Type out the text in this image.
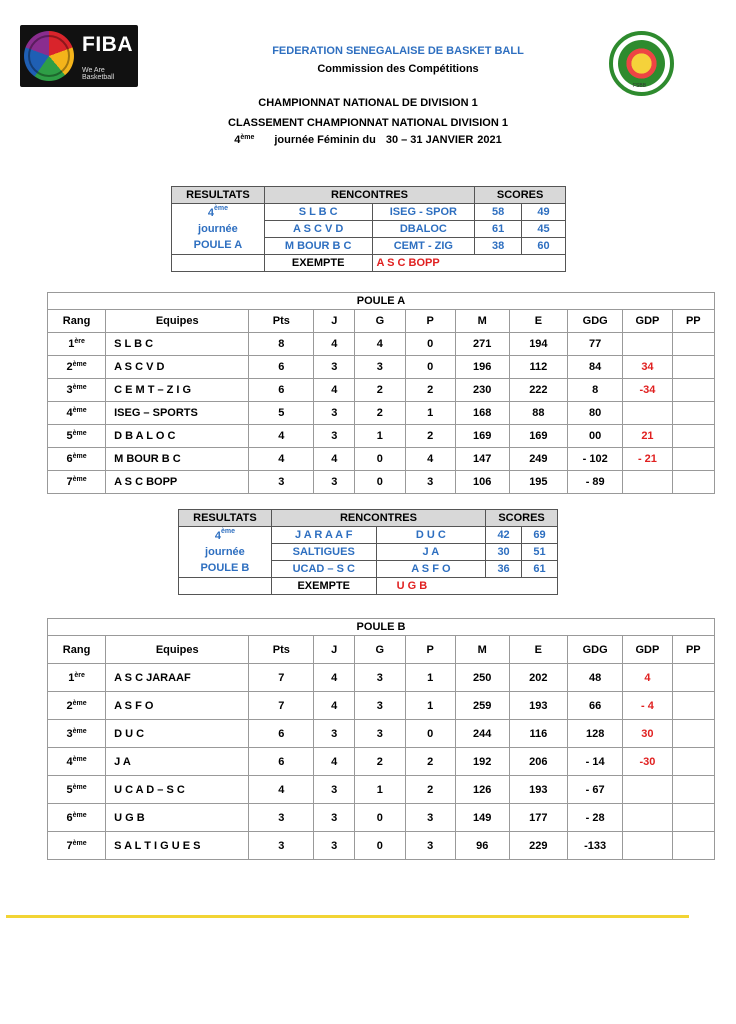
FIBA
We Are Basketball
FSBB
FEDERATION SENEGALAISE DE BASKET BALL
Commission des Compétitions
CHAMPIONNAT NATIONAL DE DIVISION 1
CLASSEMENT CHAMPIONNAT NATIONAL DIVISION 1
4ème journée Féminin du 30 – 31 JANVIER 2021
RESULTATS	RENCONTRES		SCORES	
4ème
journée
POULE A	S L B C	ISEG - SPOR	58	49
	A S C V D	DBALOC	61	45
	M BOUR B C	CEMT - ZIG	38	60
	EXEMPTE	A S C BOPP		
POULE A										
Rang	Equipes	Pts	J	G	P	M	E	GDG	GDP	PP
1ère	S L B C	8	4	4	0	271	194	77		
2ème	A S C V D	6	3	3	0	196	112	84	34	
3ème	C E M T – Z I G	6	4	2	2	230	222	8	-34	
4ème	ISEG – SPORTS	5	3	2	1	168	88	80		
5ème	D B A L O C	4	3	1	2	169	169	00	21	
6ème	M BOUR B C	4	4	0	4	147	249	- 102	- 21	
7ème	A S C BOPP	3	3	0	3	106	195	- 89		
RESULTATS	RENCONTRES		SCORES	
4ème
journée
POULE B	J A R A A F	D U C	42	69
	SALTIGUES	J A	30	51
	UCAD – S C	A S F O	36	61
	EXEMPTE	U G B		
POULE B										
Rang	Equipes	Pts	J	G	P	M	E	GDG	GDP	PP
1ère	A S C JARAAF	7	4	3	1	250	202	48	4	
2ème	A S F O	7	4	3	1	259	193	66	- 4	
3ème	D U C	6	3	3	0	244	116	128	30	
4ème	J A	6	4	2	2	192	206	- 14	-30	
5ème	U C A D – S C	4	3	1	2	126	193	- 67		
6ème	U G B	3	3	0	3	149	177	- 28		
7ème	S A L T I G U E S	3	3	0	3	96	229	-133		
